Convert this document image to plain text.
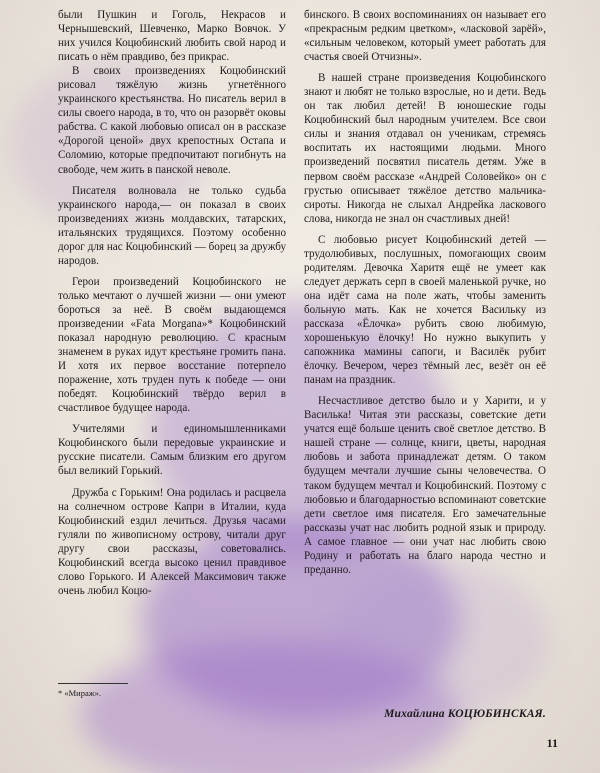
были Пушкин и Гоголь, Некрасов и Чернышевский, Шевченко, Марко Вовчок. У них учился Коцюбинский любить свой народ и писать о нём правдиво, без прикрас.

В своих произведениях Коцюбинский рисовал тяжёлую жизнь угнетённого украинского крестьянства. Но писатель верил в силы своего народа, в то, что он разорвёт оковы рабства. С какой любовью описал он в рассказе «Дорогой ценой» двух крепостных Остапа и Соломию, которые предпочитают погибнуть на свободе, чем жить в панской неволе.

Писателя волновала не только судьба украинского народа,— он показал в своих произведениях жизнь молдавских, татарских, итальянских трудящихся. Поэтому особенно дорог для нас Коцюбинский — борец за дружбу народов.

Герои произведений Коцюбинского не только мечтают о лучшей жизни — они умеют бороться за неё. В своём выдающемся произведении «Fata Morgana»* Коцюбинский показал народную революцию. С красным знаменем в руках идут крестьяне громить пана. И хотя их первое восстание потерпело поражение, хоть труден путь к победе — они победят. Коцюбинский твёрдо верил в счастливое будущее народа.

Учителями и единомышленниками Коцюбинского были передовые украинские и русские писатели. Самым близким его другом был великий Горький.

Дружба с Горьким! Она родилась и расцвела на солнечном острове Капри в Италии, куда Коцюбинский ездил лечиться. Друзья часами гуляли по живописному острову, читали друг другу свои рассказы, советовались. Коцюбинский всегда высоко ценил правдивое слово Горького. И Алексей Максимович также очень любил Коцю-

* «Мираж».

бинского. В своих воспоминаниях он называет его «прекрасным редким цветком», «ласковой зарёй», «сильным человеком, который умеет работать для счастья своей Отчизны».

В нашей стране произведения Коцюбинского знают и любят не только взрослые, но и дети. Ведь он так любил детей! В юношеские годы Коцюбинский был народным учителем. Все свои силы и знания отдавал он ученикам, стремясь воспитать их настоящими людьми. Много произведений посвятил писатель детям. Уже в первом своём рассказе «Андрей Соловейко» он с грустью описывает тяжёлое детство мальчика-сироты. Никогда не слыхал Андрейка ласкового слова, никогда не знал он счастливых дней!

С любовью рисует Коцюбинский детей — трудолюбивых, послушных, помогающих своим родителям. Девочка Харитя ещё не умеет как следует держать серп в своей маленькой ручке, но она идёт сама на поле жать, чтобы заменить больную мать. Как не хочется Васильку из рассказа «Ёлочка» рубить свою любимую, хорошенькую ёлочку! Но нужно выкупить у сапожника мамины сапоги, и Василёк рубит ёлочку. Вечером, через тёмный лес, везёт он её панам на праздник.

Несчастливое детство было и у Харити, и у Василька! Читая эти рассказы, советские дети учатся ещё больше ценить своё светлое детство. В нашей стране — солнце, книги, цветы, народная любовь и забота принадлежат детям. О таком будущем мечтали лучшие сыны человечества. О таком будущем мечтал и Коцюбинский. Поэтому с любовью и благодарностью вспоминают советские дети светлое имя писателя. Его замечательные рассказы учат нас любить родной язык и природу. А самое главное — они учат нас любить свою Родину и работать на благо народа честно и преданно.

Михайлина КОЦЮБИНСКАЯ.
11
